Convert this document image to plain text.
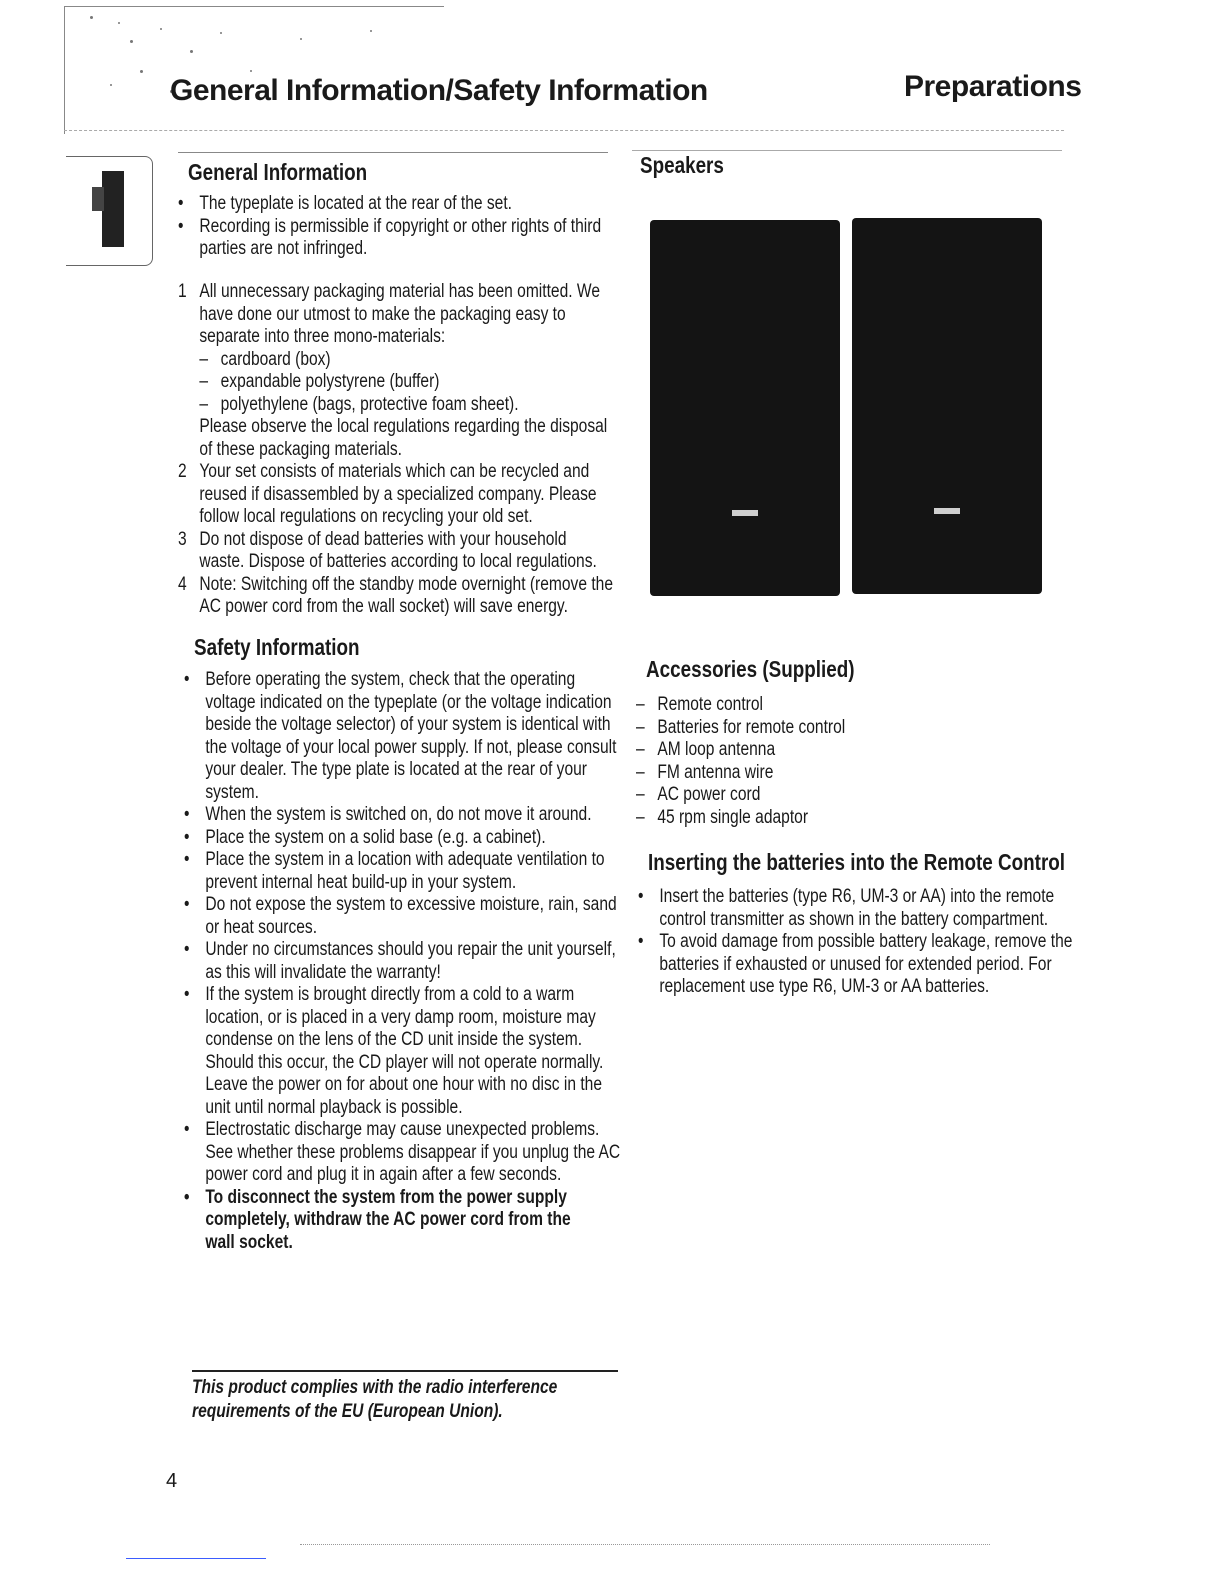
General Information/Safety Information	Preparations
General Information
• The typeplate is located at the rear of the set.
• Recording is permissible if copyright or other rights of third
parties are not infringed.
1 All unnecessary packaging material has been omitted. We
have done our utmost to make the packaging easy to
separate into three mono-materials:
– cardboard (box)
– expandable polystyrene (buffer)
– polyethylene (bags, protective foam sheet).
Please observe the local regulations regarding the disposal
of these packaging materials.
2 Your set consists of materials which can be recycled and
reused if disassembled by a specialized company. Please
follow local regulations on recycling your old set.
3 Do not dispose of dead batteries with your household
waste. Dispose of batteries according to local regulations.
4 Note: Switching off the standby mode overnight (remove the
AC power cord from the wall socket) will save energy.
Safety Information
• Before operating the system, check that the operating
voltage indicated on the typeplate (or the voltage indication
beside the voltage selector) of your system is identical with
the voltage of your local power supply. If not, please consult
your dealer. The type plate is located at the rear of your
system.
• When the system is switched on, do not move it around.
• Place the system on a solid base (e.g. a cabinet).
• Place the system in a location with adequate ventilation to
prevent internal heat build-up in your system.
• Do not expose the system to excessive moisture, rain, sand
or heat sources.
• Under no circumstances should you repair the unit yourself,
as this will invalidate the warranty!
• If the system is brought directly from a cold to a warm
location, or is placed in a very damp room, moisture may
condense on the lens of the CD unit inside the system.
Should this occur, the CD player will not operate normally.
Leave the power on for about one hour with no disc in the
unit until normal playback is possible.
• Electrostatic discharge may cause unexpected problems.
See whether these problems disappear if you unplug the AC
power cord and plug it in again after a few seconds.
• To disconnect the system from the power supply
completely, withdraw the AC power cord from the
wall socket.
This product complies with the radio interference
requirements of the EU (European Union).
4
Speakers
Accessories (Supplied)
– Remote control
– Batteries for remote control
– AM loop antenna
– FM antenna wire
– AC power cord
– 45 rpm single adaptor
Inserting the batteries into the Remote Control
• Insert the batteries (type R6, UM-3 or AA) into the remote
control transmitter as shown in the battery compartment.
• To avoid damage from possible battery leakage, remove the
batteries if exhausted or unused for extended period. For
replacement use type R6, UM-3 or AA batteries.
